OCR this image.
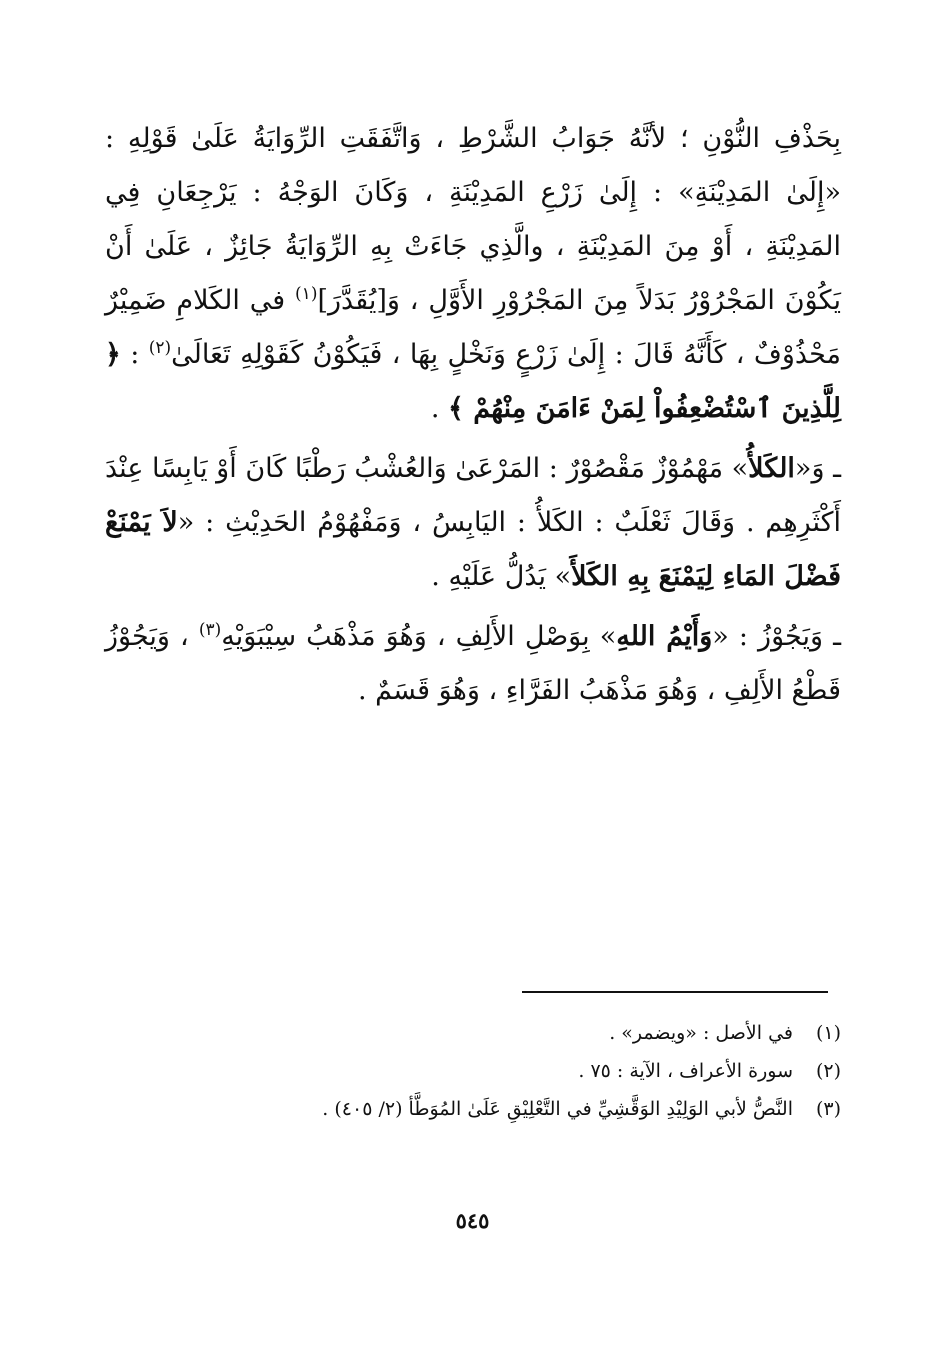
بِحَذْفِ النُّوْنِ ؛ لأنَّهُ جَوَابُ الشَّرْطِ ، وَاتَّفَقَتِ الرِّوَايَةُ عَلَىٰ قَوْلِهِ : «إِلَىٰ المَدِيْنَةِ» : إِلَىٰ زَرْعِ المَدِيْنَةِ ، وَكَانَ الوَجْهُ : يَرْجِعَانِ فِي المَدِيْنَةِ ، أَوْ مِنَ المَدِيْنَةِ ، والَّذِي جَاءَتْ بِهِ الرِّوَايَةُ جَائِزٌ ، عَلَىٰ أَنْ يَكُوْنَ المَجْرُوْرُ بَدَلاً مِنَ المَجْرُوْرِ الأَوَّلِ ، وَ[يُقَدَّرَ]$^{(١)}$ في الكَلامِ ضَمِيْرٌ مَحْذُوْفٌ ، كَأَنَّهُ قَالَ : إِلَىٰ زَرْعٍ وَنَخْلٍ بِهَا ، فَيَكُوْنُ كَقَوْلِهِ تَعَالَىٰ$^{(٢)}$ : ﴿ لِلَّذِينَ ٱسْتُضْعِفُواْ لِمَنْ ءَامَنَ مِنْهُمْ ﴾ .

ـ وَ«الكَلأُ» مَهْمُوْزٌ مَقْصُوْرٌ : المَرْعَىٰ وَالعُشْبُ رَطْبًا كَانَ أَوْ يَابِسًا عِنْدَ أَكْثَرِهِم . وَقَالَ ثَعْلَبٌ : الكَلأُ : اليَابِسُ ، وَمَفْهُوْمُ الحَدِيْثِ : «لاَ يَمْنَعْ فَضْلَ المَاءِ لِيَمْنَعَ بِهِ الكَلأَ» يَدُلُّ عَلَيْهِ .

ـ وَيَجُوْزُ : «وَأَيْمُ اللهِ» بِوَصْلِ الأَلِفِ ، وَهُوَ مَذْهَبُ سِيْبَوَيْهِ$^{(٣)}$ ، وَيَجُوْزُ قَطْعُ الأَلِفِ ، وَهُوَ مَذْهَبُ الفَرَّاءِ ، وَهُوَ قَسَمٌ .

(١)
في الأصل : «ويضمر» .
(٢)
سورة الأعراف ، الآية : ٧٥ .
(٣)
النَّصُّ لأبي الوَلِيْدِ الوَقَّشِيِّ في التَّعْلِيْقِ عَلَىٰ المُوَطَّأ (٢/ ٤٠٥) .
٥٤٥
